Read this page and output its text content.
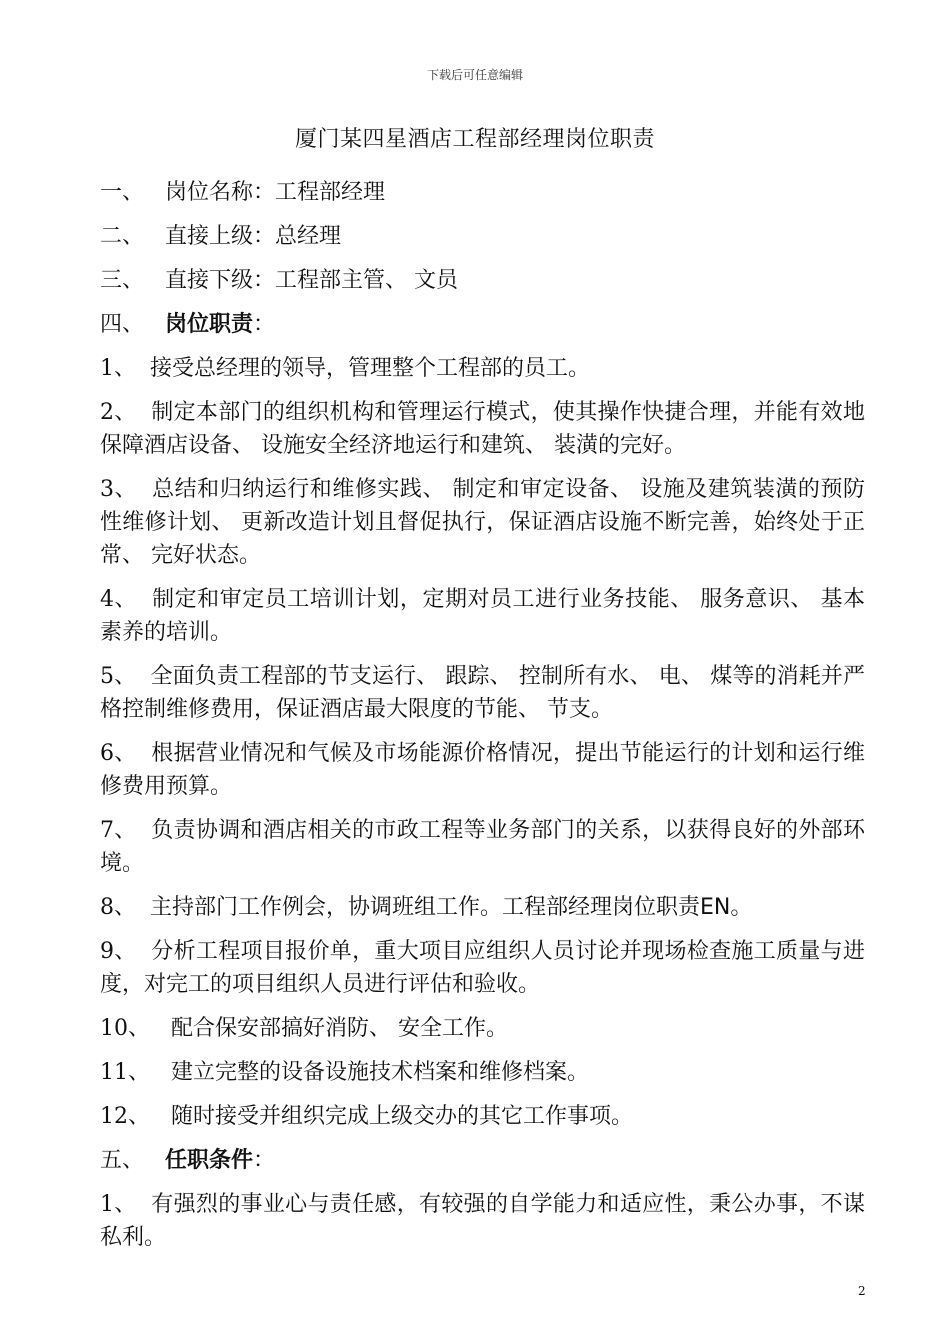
下载后可任意编辑
厦门某四星酒店工程部经理岗位职责
一、 岗位名称：工程部经理
二、 直接上级：总经理
三、 直接下级：工程部主管、 文员
四、 岗位职责：
1、 接受总经理的领导，管理整个工程部的员工。
2、 制定本部门的组织机构和管理运行模式，使其操作快捷合理，并能有效地保障酒店设备、 设施安全经济地运行和建筑、 装潢的完好。
3、 总结和归纳运行和维修实践、 制定和审定设备、 设施及建筑装潢的预防性维修计划、 更新改造计划且督促执行，保证酒店设施不断完善，始终处于正常、 完好状态。
4、 制定和审定员工培训计划，定期对员工进行业务技能、 服务意识、 基本素养的培训。
5、 全面负责工程部的节支运行、 跟踪、 控制所有水、 电、 煤等的消耗并严格控制维修费用，保证酒店最大限度的节能、 节支。
6、 根据营业情况和气候及市场能源价格情况，提出节能运行的计划和运行维修费用预算。
7、 负责协调和酒店相关的市政工程等业务部门的关系，以获得良好的外部环境。
8、 主持部门工作例会，协调班组工作。工程部经理岗位职责EN。
9、 分析工程项目报价单，重大项目应组织人员讨论并现场检查施工质量与进度，对完工的项目组织人员进行评估和验收。
10、 配合保安部搞好消防、 安全工作。
11、 建立完整的设备设施技术档案和维修档案。
12、 随时接受并组织完成上级交办的其它工作事项。
五、 任职条件：
1、 有强烈的事业心与责任感，有较强的自学能力和适应性，秉公办事，不谋私利。
2
